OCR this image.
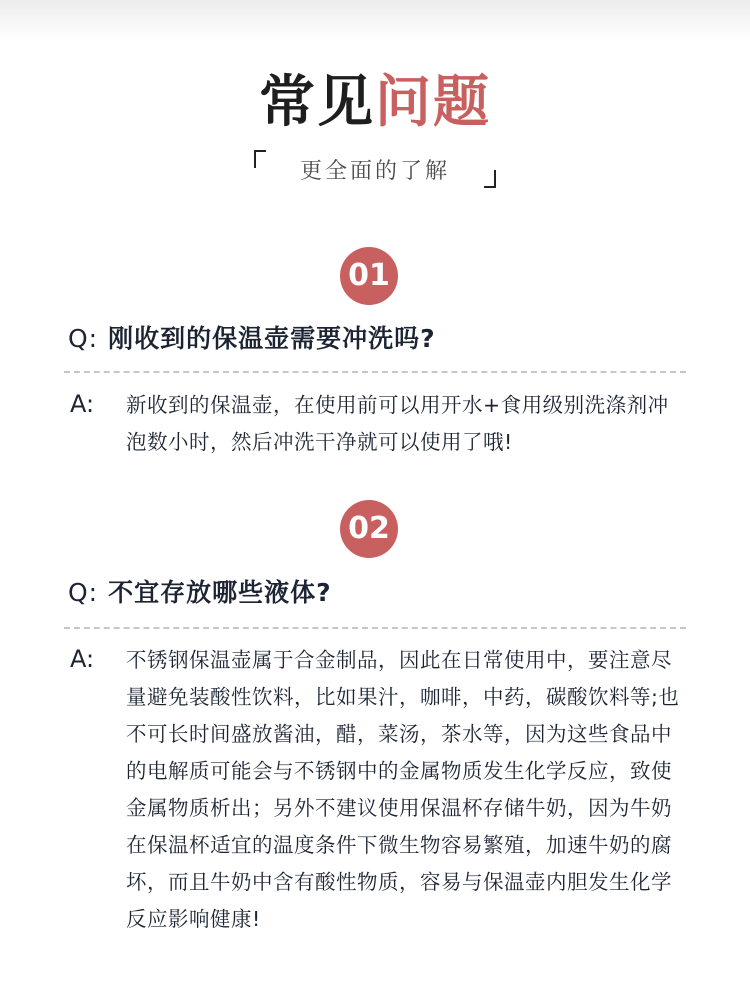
常见问题
更全面的了解
01
Q: 刚收到的保温壶需要冲洗吗?
A: 新收到的保温壶，在使用前可以用开水+食用级别洗涤剂冲泡数小时，然后冲洗干净就可以使用了哦!
02
Q: 不宜存放哪些液体?
A: 不锈钢保温壶属于合金制品，因此在日常使用中，要注意尽量避免装酸性饮料，比如果汁，咖啡，中药，碳酸饮料等;也不可长时间盛放酱油，醋，菜汤，茶水等，因为这些食品中的电解质可能会与不锈钢中的金属物质发生化学反应，致使金属物质析出；另外不建议使用保温杯存储牛奶，因为牛奶在保温杯适宜的温度条件下微生物容易繁殖，加速牛奶的腐坏，而且牛奶中含有酸性物质，容易与保温壶内胆发生化学反应影响健康!
